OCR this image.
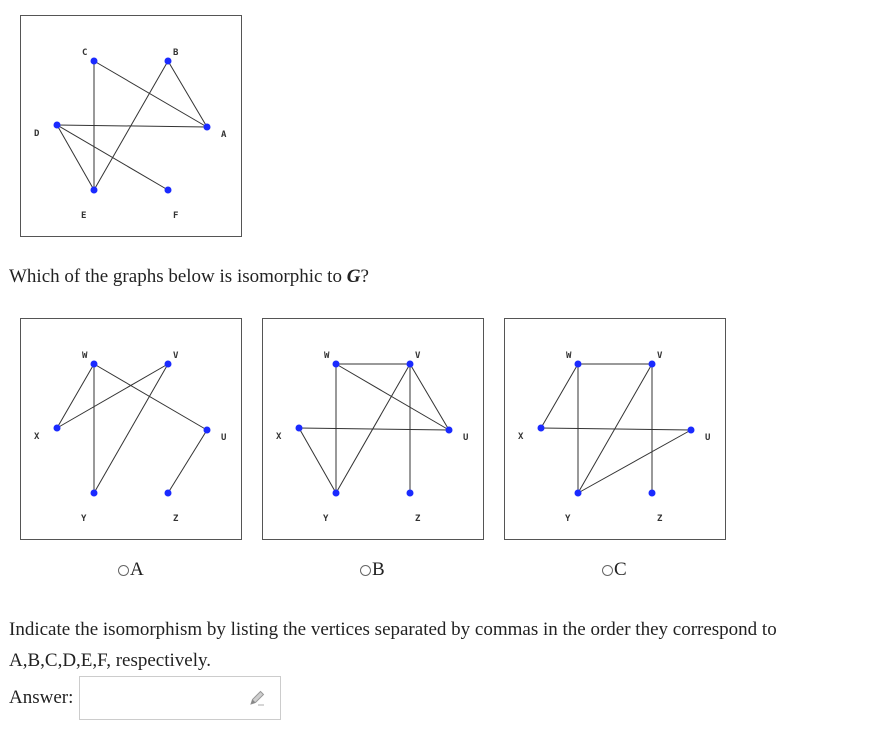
C	B
D	A
E	F
Which of the graphs below is isomorphic to G?
W	V
X	U
Y	Z
W	V
X	U
Y	Z
W	V
X	U
Y	Z
A	B	C
Indicate the isomorphism by listing the vertices separated by commas in the order they correspond to A,B,C,D,E,F, respectively.
Answer:
